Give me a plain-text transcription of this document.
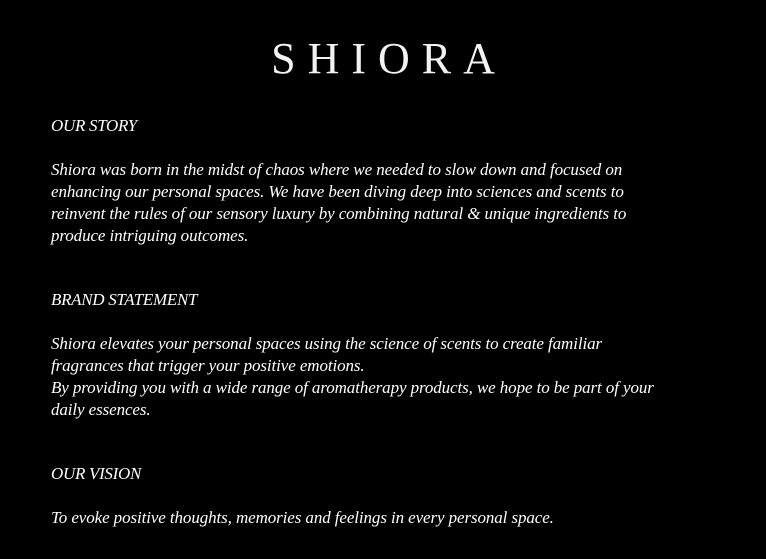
SHIORA
OUR STORY

Shiora was born in the midst of chaos where we needed to slow down and focused on
enhancing our personal spaces. We have been diving deep into sciences and scents to
reinvent the rules of our sensory luxury by combining natural & unique ingredients to
produce intriguing outcomes.

BRAND STATEMENT

Shiora elevates your personal spaces using the science of scents to create familiar
fragrances that trigger your positive emotions.
By providing you with a wide range of aromatherapy products, we hope to be part of your
daily essences.

OUR VISION

To evoke positive thoughts, memories and feelings in every personal space.
